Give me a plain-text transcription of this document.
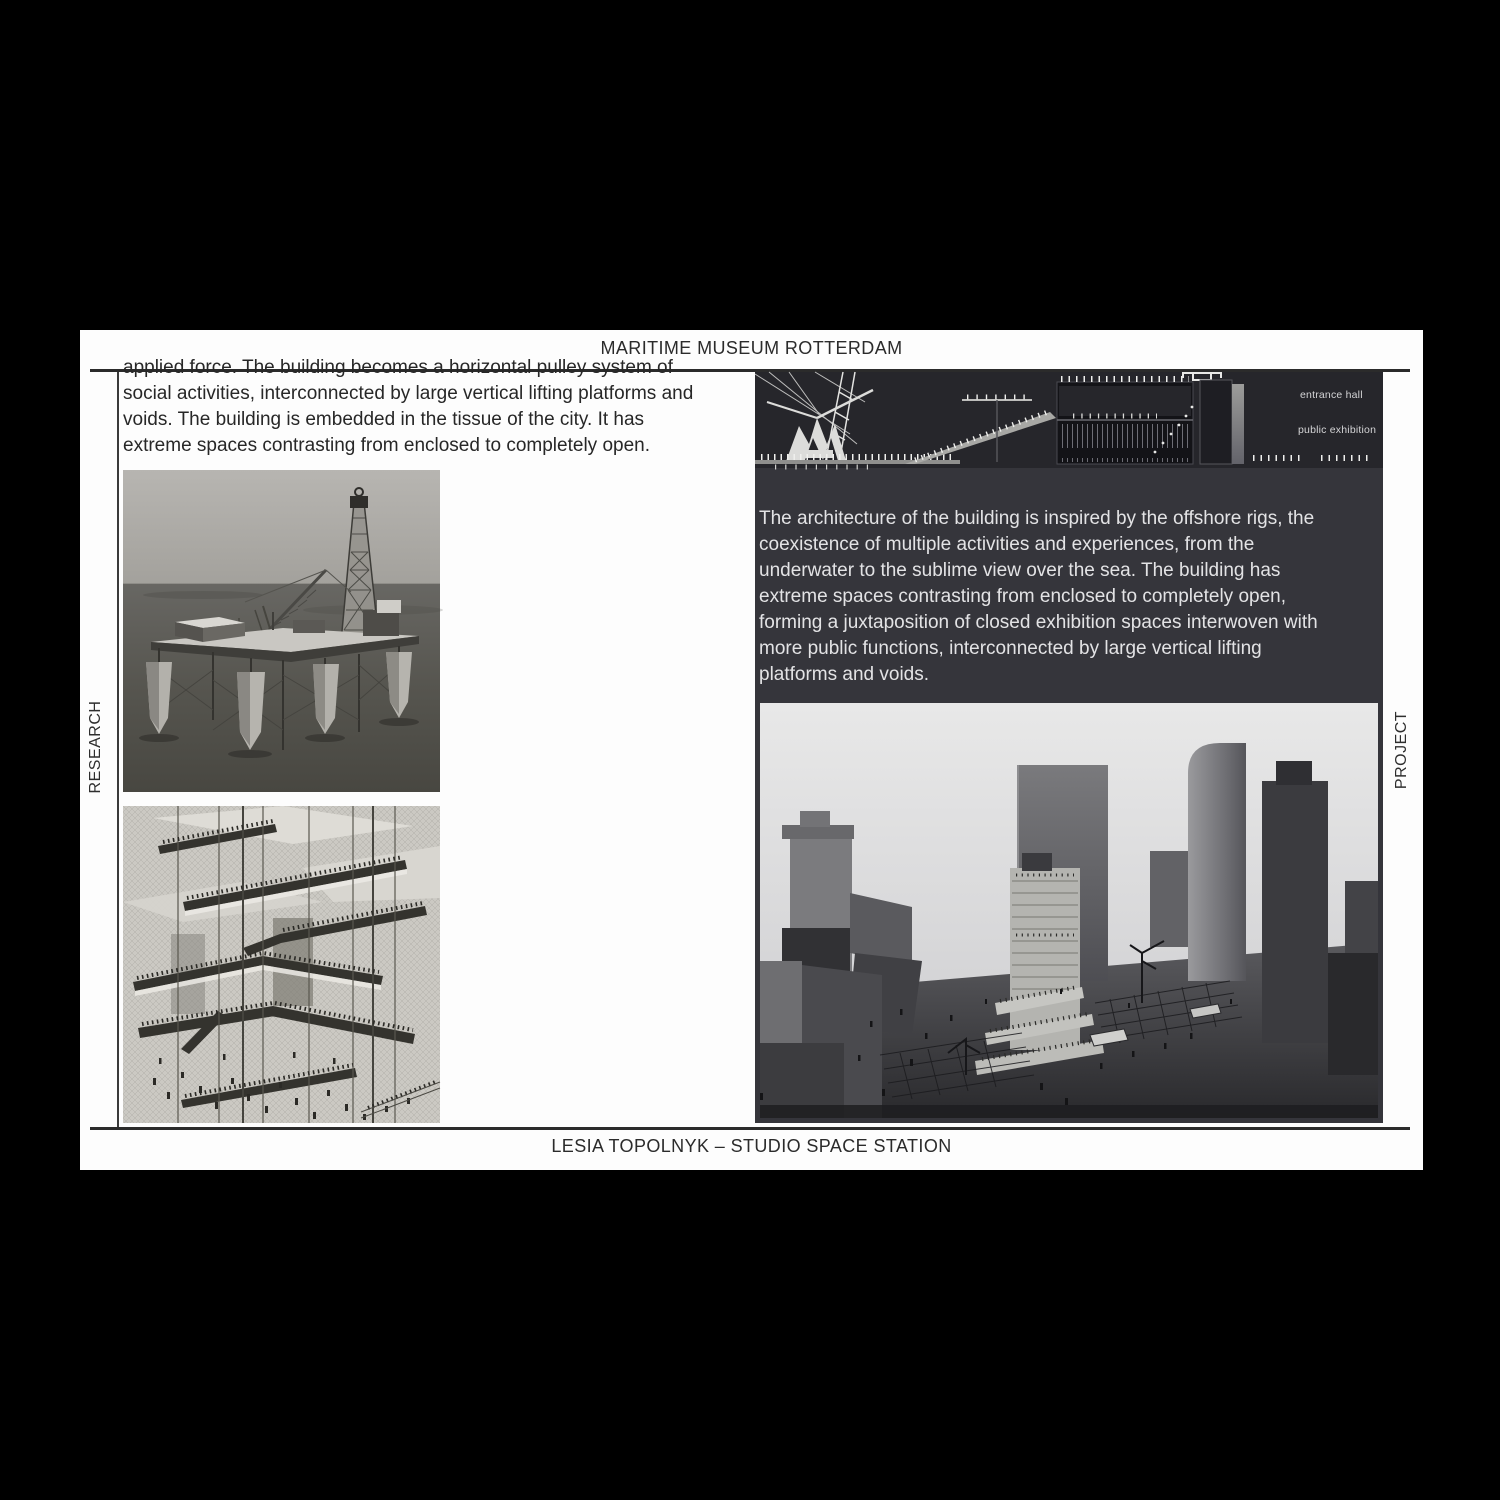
MARITIME MUSEUM ROTTERDAM
RESEARCH	PROJECT
applied force. The building becomes a horizontal pulley system of
social activities, interconnected by large vertical lifting platforms and
voids. The building is embedded in the tissue of the city. It has
extreme spaces contrasting from enclosed to completely open.
entrance hall
public exhibition
The architecture of the building is inspired by the offshore rigs, the
coexistence of multiple activities and experiences, from the
underwater to the sublime view over the sea. The building has
extreme spaces contrasting from enclosed to completely open,
forming a juxtaposition of closed exhibition spaces interwoven with
more public functions, interconnected by large vertical lifting
platforms and voids.
LESIA TOPOLNYK – STUDIO SPACE STATION
